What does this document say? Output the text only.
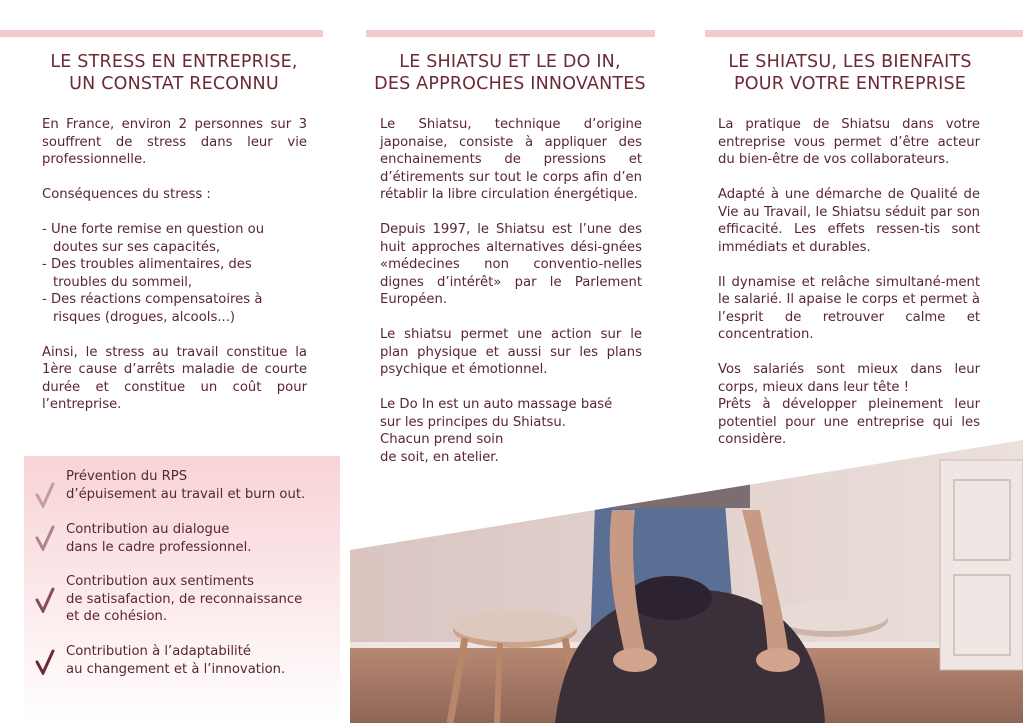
LE STRESS EN ENTREPRISE,
UN CONSTAT RECONNU

En France, environ 2 personnes sur 3 souffrent de stress dans leur vie professionnelle.

Conséquences du stress :

- Une forte remise en question ou doutes sur ses capacités,
- Des troubles alimentaires, des troubles du sommeil,
- Des réactions compensatoires à risques (drogues, alcools...)

Ainsi, le stress au travail constitue la 1ère cause d’arrêts maladie de courte durée et constitue un coût pour l’entreprise.

LE SHIATSU ET LE DO IN,
DES APPROCHES INNOVANTES

Le Shiatsu, technique d’origine japonaise, consiste à appliquer des enchainements de pressions et d’étirements sur tout le corps afin d’en rétablir la libre circulation énergétique.

Depuis 1997, le Shiatsu est l’une des huit approches alternatives dési-gnées «médecines non conventio-nelles dignes d’intérêt» par le Parlement Européen.

Le shiatsu permet une action sur le plan physique et aussi sur les plans psychique et émotionnel.

Le Do In est un auto massage basé
sur les principes du Shiatsu.
Chacun prend soin
de soit, en atelier.
LE SHIATSU, LES BIENFAITS
POUR VOTRE ENTREPRISE

La pratique de Shiatsu dans votre entreprise vous permet d’être acteur du bien-être de vos collaborateurs.

Adapté à une démarche de Qualité de Vie au Travail, le Shiatsu séduit par son efficacité. Les effets ressen-tis sont immédiats et durables.

Il dynamise et relâche simultané-ment le salarié. Il apaise le corps et permet à l’esprit de retrouver calme et concentration.

Vos salariés sont mieux dans leur corps, mieux dans leur tête !

Prêts à développer pleinement leur potentiel pour une entreprise qui les considère.

Prévention du RPS
d’épuisement au travail et burn out.
Contribution au dialogue
dans le cadre professionnel.
Contribution aux sentiments
de satisafaction, de reconnaissance
et de cohésion.
Contribution à l’adaptabilité
au changement et à l’innovation.
